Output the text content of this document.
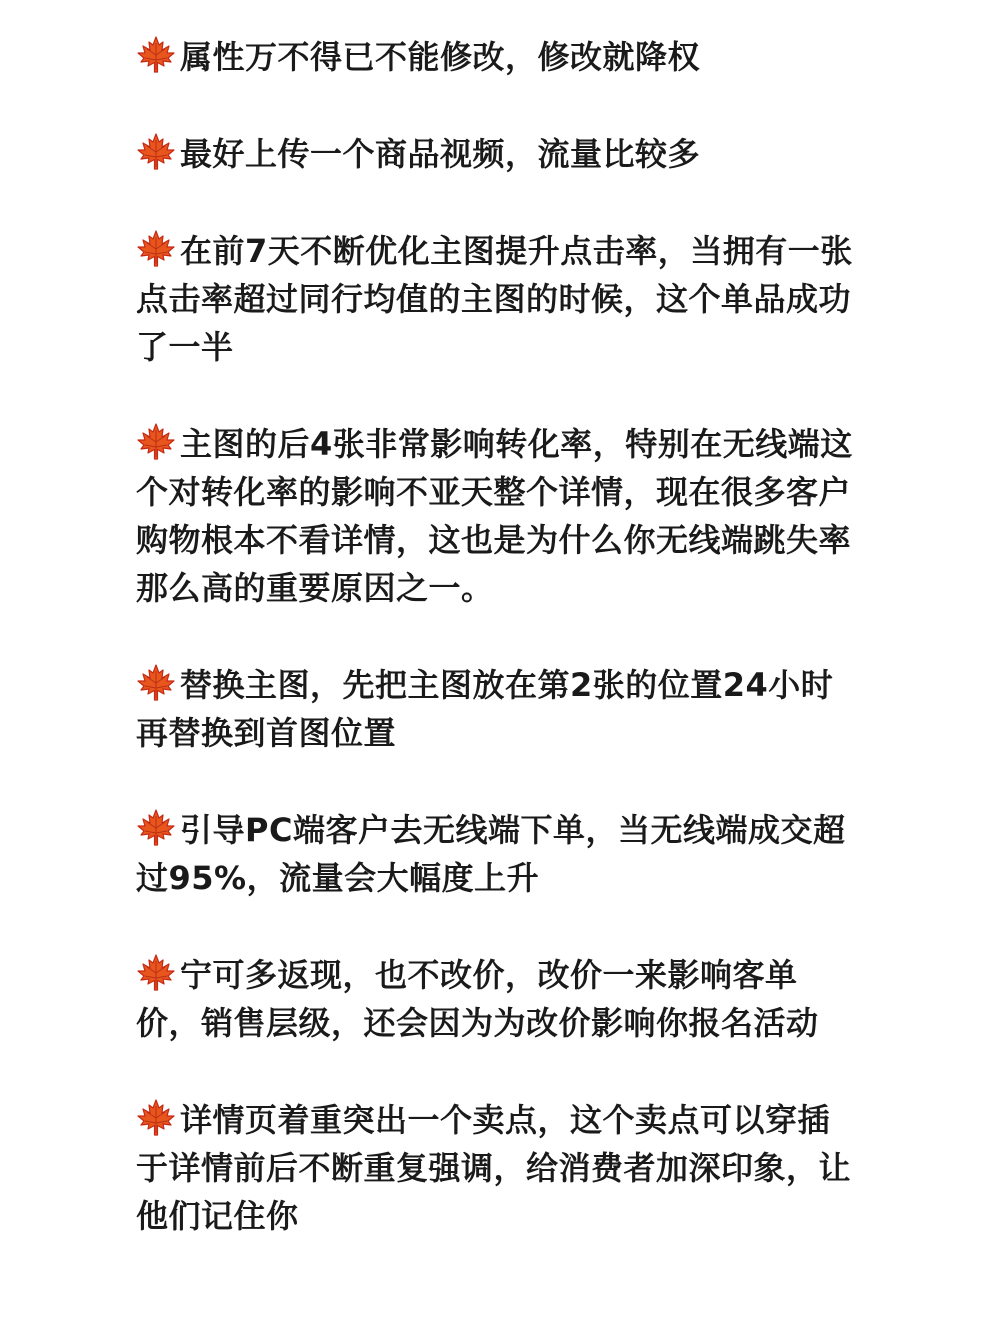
属性万不得已不能修改，修改就降权

最好上传一个商品视频，流量比较多

在前7天不断优化主图提升点击率，当拥有一张点击率超过同行均值的主图的时候，这个单品成功了一半

主图的后4张非常影响转化率，特别在无线端这个对转化率的影响不亚天整个详情，现在很多客户购物根本不看详情，这也是为什么你无线端跳失率那么高的重要原因之一。

替换主图，先把主图放在第2张的位置24小时再替换到首图位置

引导PC端客户去无线端下单，当无线端成交超过95%，流量会大幅度上升

宁可多返现，也不改价，改价一来影响客单价，销售层级，还会因为为改价影响你报名活动

详情页着重突出一个卖点，这个卖点可以穿插于详情前后不断重复强调，给消费者加深印象，让他们记住你
